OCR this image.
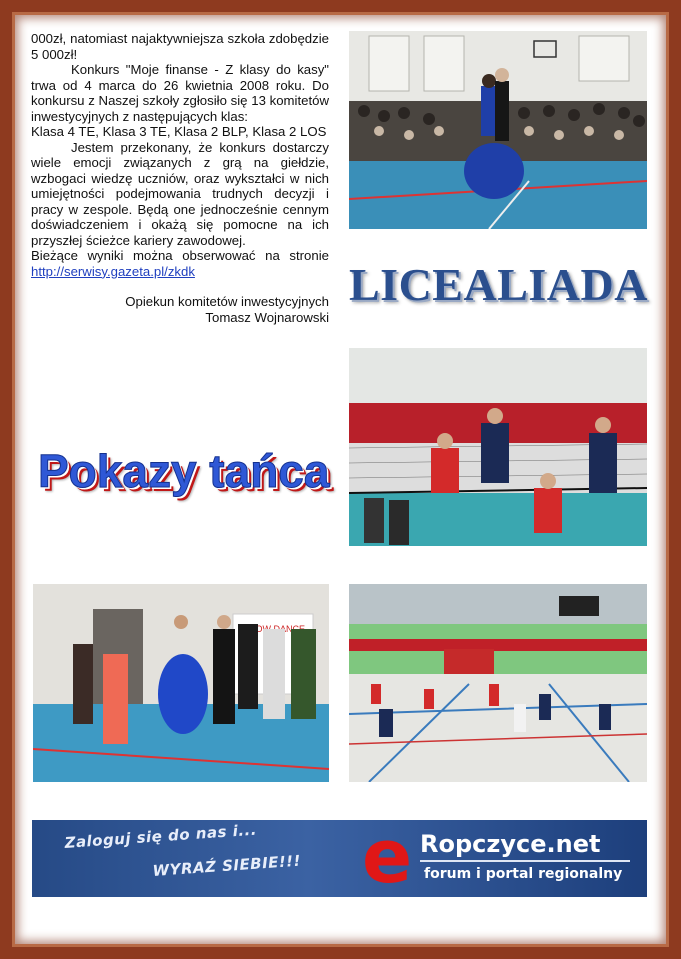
000zł, natomiast najaktywniejsza szkoła zdobędzie 5 000zł!

Konkurs "Moje finanse - Z klasy do kasy" trwa od 4 marca do 26 kwietnia 2008 roku. Do konkursu z Naszej szkoły zgłosiło się 13 komitetów inwestycyjnych z następujących klas:

Klasa 4 TE, Klasa 3 TE, Klasa 2 BLP, Klasa 2 LOS

Jestem przekonany, że konkurs dostarczy wiele emocji związanych z grą na giełdzie, wzbogaci wiedzę uczniów, oraz wykształci w nich umiejętności podejmowania trudnych decyzji i pracy w zespole. Będą one jednocześnie cennym doświadczeniem i okażą się pomocne na ich przyszłej ścieżce kariery zawodowej.

Bieżące wyniki można obserwować na stronie http://serwisy.gazeta.pl/zkdk

Opiekun komitetów inwestycyjnych
Tomasz Wojnarowski
LICEALIADA
Pokazy tańca
DANCE
Zaloguj się do nas i...
WYRAŹ SIEBIE!!! e Ropczyce.net
forum i portal regionalny
